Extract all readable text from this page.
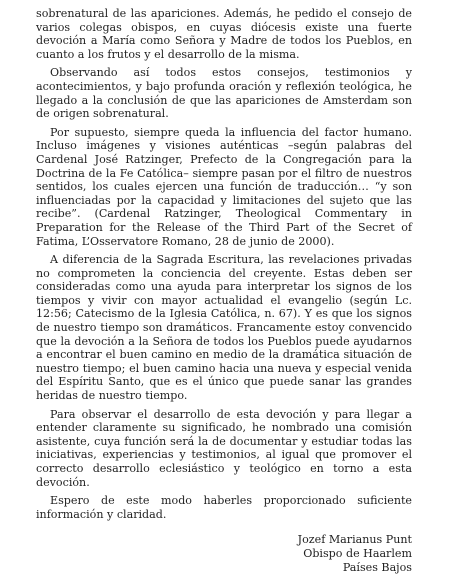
sobrenatural de las apariciones. Además, he pedido el consejo de varios colegas obispos, en cuyas diócesis existe una fuerte devoción a María como Señora y Madre de todos los Pueblos, en cuanto a los frutos y el desarrollo de la misma.

Observando así todos estos consejos, testimonios y acontecimientos, y bajo profunda oración y reflexión teológica, he llegado a la conclusión de que las apariciones de Amsterdam son de origen sobrenatural.

Por supuesto, siempre queda la influencia del factor humano. Incluso imágenes y visiones auténticas –según palabras del Cardenal José Ratzinger, Prefecto de la Congregación para la Doctrina de la Fe Católica– siempre pasan por el filtro de nuestros sentidos, los cuales ejercen una función de traducción… “y son influenciadas por la capacidad y limitaciones del sujeto que las recibe”. (Cardenal Ratzinger, Theological Commentary in Preparation for the Release of the Third Part of the Secret of Fatima, L’Osservatore Romano, 28 de junio de 2000).

A diferencia de la Sagrada Escritura, las revelaciones privadas no comprometen la conciencia del creyente. Estas deben ser consideradas como una ayuda para interpretar los signos de los tiempos y vivir con mayor actualidad el evangelio (según Lc. 12:56; Catecismo de la Iglesia Católica, n. 67). Y es que los signos de nuestro tiempo son dramáticos. Francamente estoy convencido que la devoción a la Señora de todos los Pueblos puede ayudarnos a encontrar el buen camino en medio de la dramática situación de nuestro tiempo; el buen camino hacia una nueva y especial venida del Espíritu Santo, que es el único que puede sanar las grandes heridas de nuestro tiempo.

Para observar el desarrollo de esta devoción y para llegar a entender claramente su significado, he nombrado una comisión asistente, cuya función será la de documentar y estudiar todas las iniciativas, experiencias y testimonios, al igual que promover el correcto desarrollo eclesiástico y teológico en torno a esta devoción.

Espero de este modo haberles proporcionado suficiente información y claridad.

Jozef Marianus Punt
Obispo de Haarlem
Países Bajos
